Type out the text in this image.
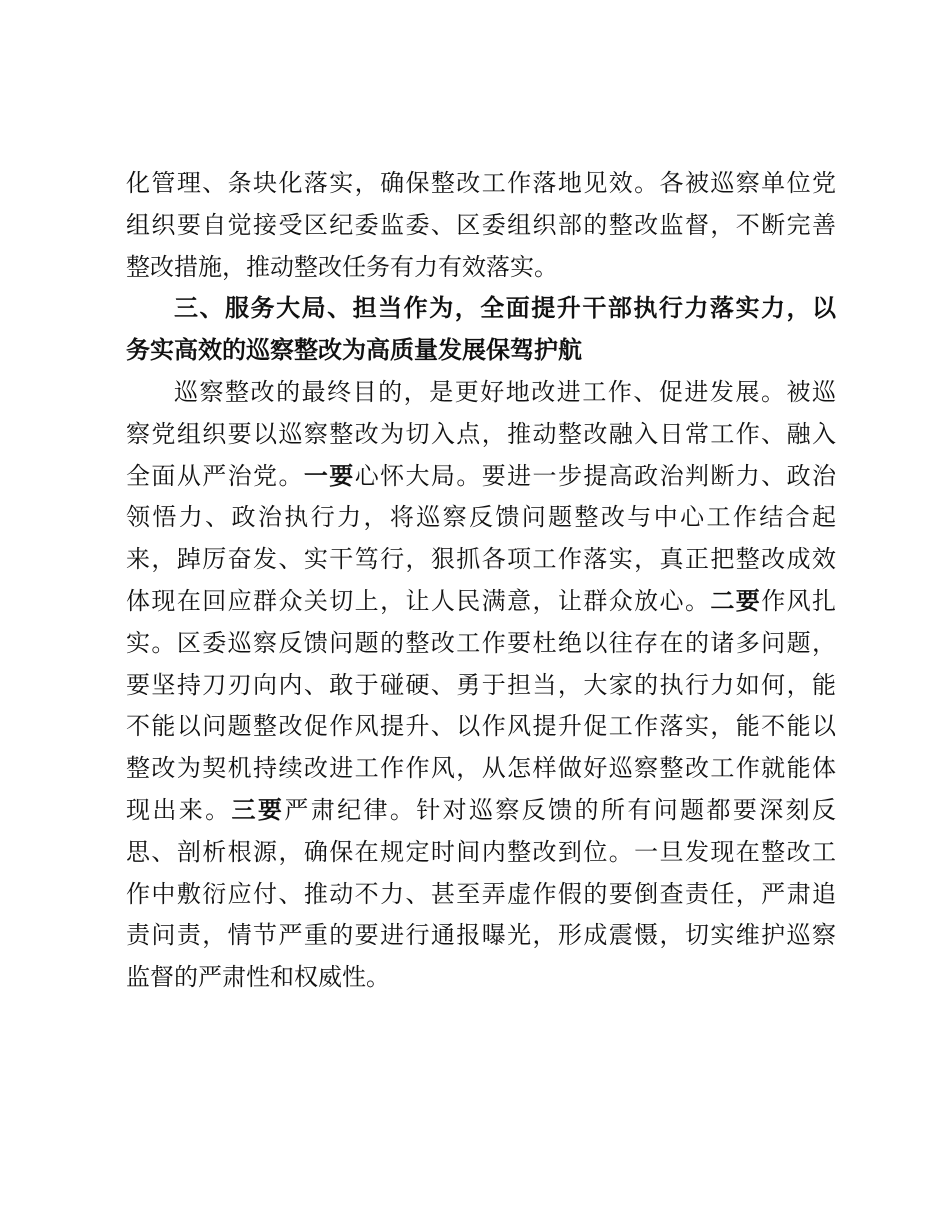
化管理、条块化落实，确保整改工作落地见效。各被巡察单位党
组织要自觉接受区纪委监委、区委组织部的整改监督，不断完善
整改措施，推动整改任务有力有效落实。
三、服务大局、担当作为，全面提升干部执行力落实力，以
务实高效的巡察整改为高质量发展保驾护航
巡察整改的最终目的，是更好地改进工作、促进发展。被巡
察党组织要以巡察整改为切入点，推动整改融入日常工作、融入
全面从严治党。一要心怀大局。要进一步提高政治判断力、政治
领悟力、政治执行力，将巡察反馈问题整改与中心工作结合起
来，踔厉奋发、实干笃行，狠抓各项工作落实，真正把整改成效
体现在回应群众关切上，让人民满意，让群众放心。二要作风扎
实。区委巡察反馈问题的整改工作要杜绝以往存在的诸多问题，
要坚持刀刃向内、敢于碰硬、勇于担当，大家的执行力如何，能
不能以问题整改促作风提升、以作风提升促工作落实，能不能以
整改为契机持续改进工作作风，从怎样做好巡察整改工作就能体
现出来。三要严肃纪律。针对巡察反馈的所有问题都要深刻反
思、剖析根源，确保在规定时间内整改到位。一旦发现在整改工
作中敷衍应付、推动不力、甚至弄虚作假的要倒查责任，严肃追
责问责，情节严重的要进行通报曝光，形成震慑，切实维护巡察
监督的严肃性和权威性。
